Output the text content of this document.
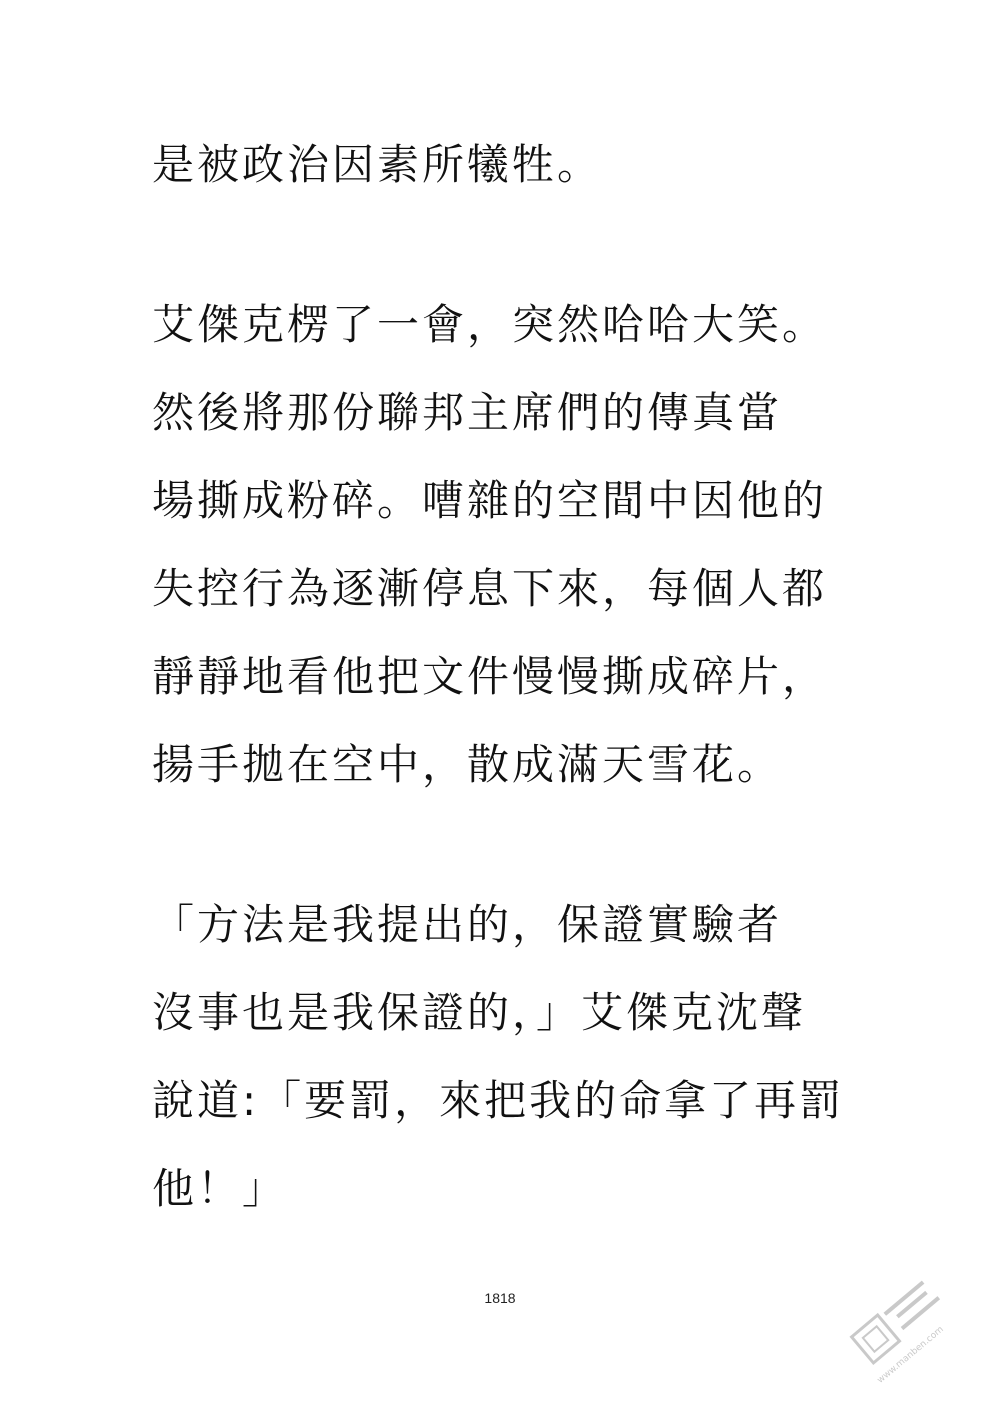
是被政治因素所犧牲。
艾傑克楞了一會，突然哈哈大笑。
然後將那份聯邦主席們的傳真當
場撕成粉碎。嘈雜的空間中因他的
失控行為逐漸停息下來，每個人都
靜靜地看他把文件慢慢撕成碎片，
揚手拋在空中，散成滿天雪花。
「方法是我提出的，保證實驗者
沒事也是我保證的，」艾傑克沈聲
說道:「要罰，來把我的命拿了再罰
他！」
1818
www.manben.com
